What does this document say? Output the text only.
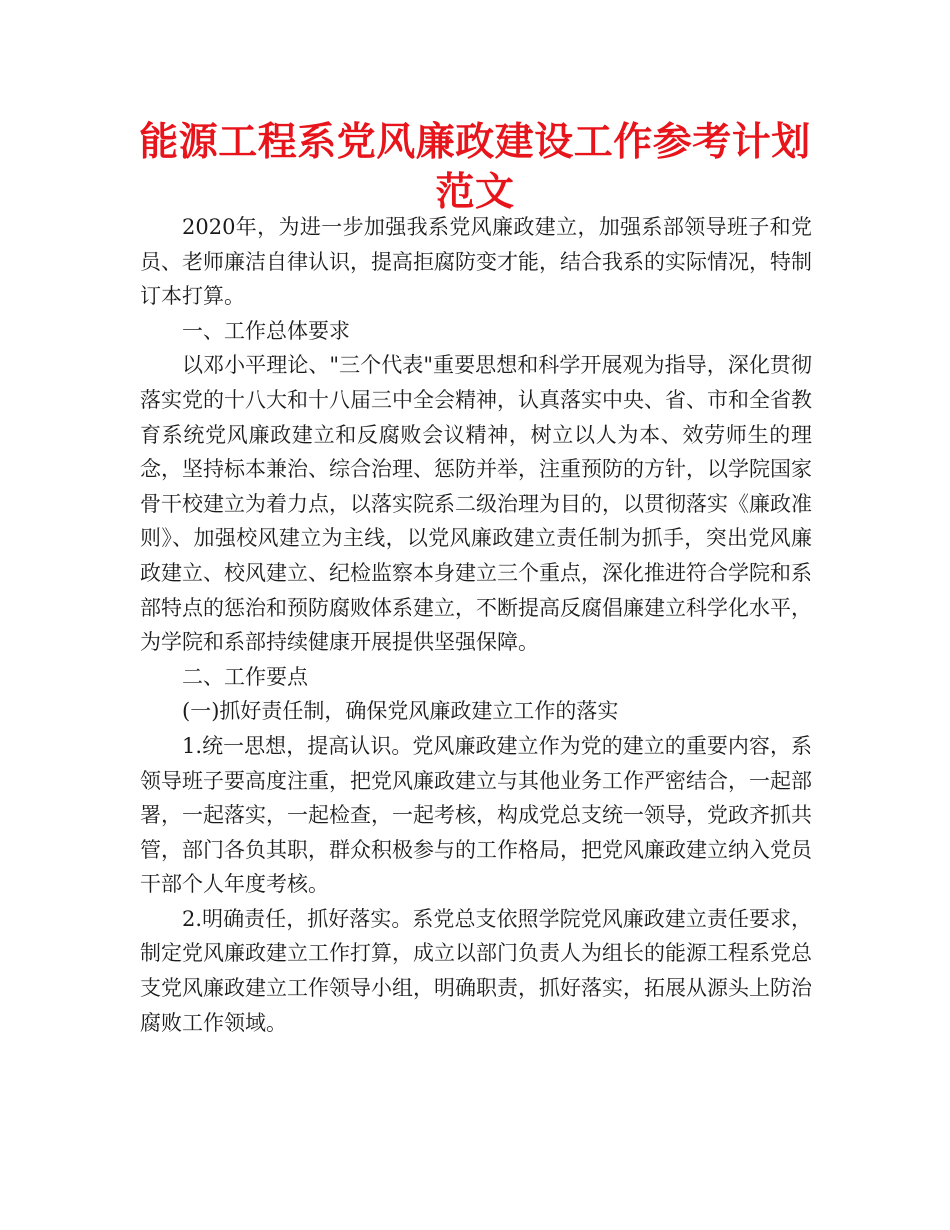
能源工程系党风廉政建设工作参考计划范文

2020年，为进一步加强我系党风廉政建立，加强系部领导班子和党员、老师廉洁自律认识，提高拒腐防变才能，结合我系的实际情况，特制订本打算。

一、工作总体要求

以邓小平理论、"三个代表"重要思想和科学开展观为指导，深化贯彻落实党的十八大和十八届三中全会精神，认真落实中央、省、市和全省教育系统党风廉政建立和反腐败会议精神，树立以人为本、效劳师生的理念，坚持标本兼治、综合治理、惩防并举，注重预防的方针，以学院国家骨干校建立为着力点，以落实院系二级治理为目的，以贯彻落实《廉政准则》、加强校风建立为主线，以党风廉政建立责任制为抓手，突出党风廉政建立、校风建立、纪检监察本身建立三个重点，深化推进符合学院和系部特点的惩治和预防腐败体系建立，不断提高反腐倡廉建立科学化水平，为学院和系部持续健康开展提供坚强保障。

二、工作要点

(一)抓好责任制，确保党风廉政建立工作的落实

1.统一思想，提高认识。党风廉政建立作为党的建立的重要内容，系领导班子要高度注重，把党风廉政建立与其他业务工作严密结合，一起部署，一起落实，一起检查，一起考核，构成党总支统一领导，党政齐抓共管，部门各负其职，群众积极参与的工作格局，把党风廉政建立纳入党员干部个人年度考核。

2.明确责任，抓好落实。系党总支依照学院党风廉政建立责任要求，制定党风廉政建立工作打算，成立以部门负责人为组长的能源工程系党总支党风廉政建立工作领导小组，明确职责，抓好落实，拓展从源头上防治腐败工作领域。
